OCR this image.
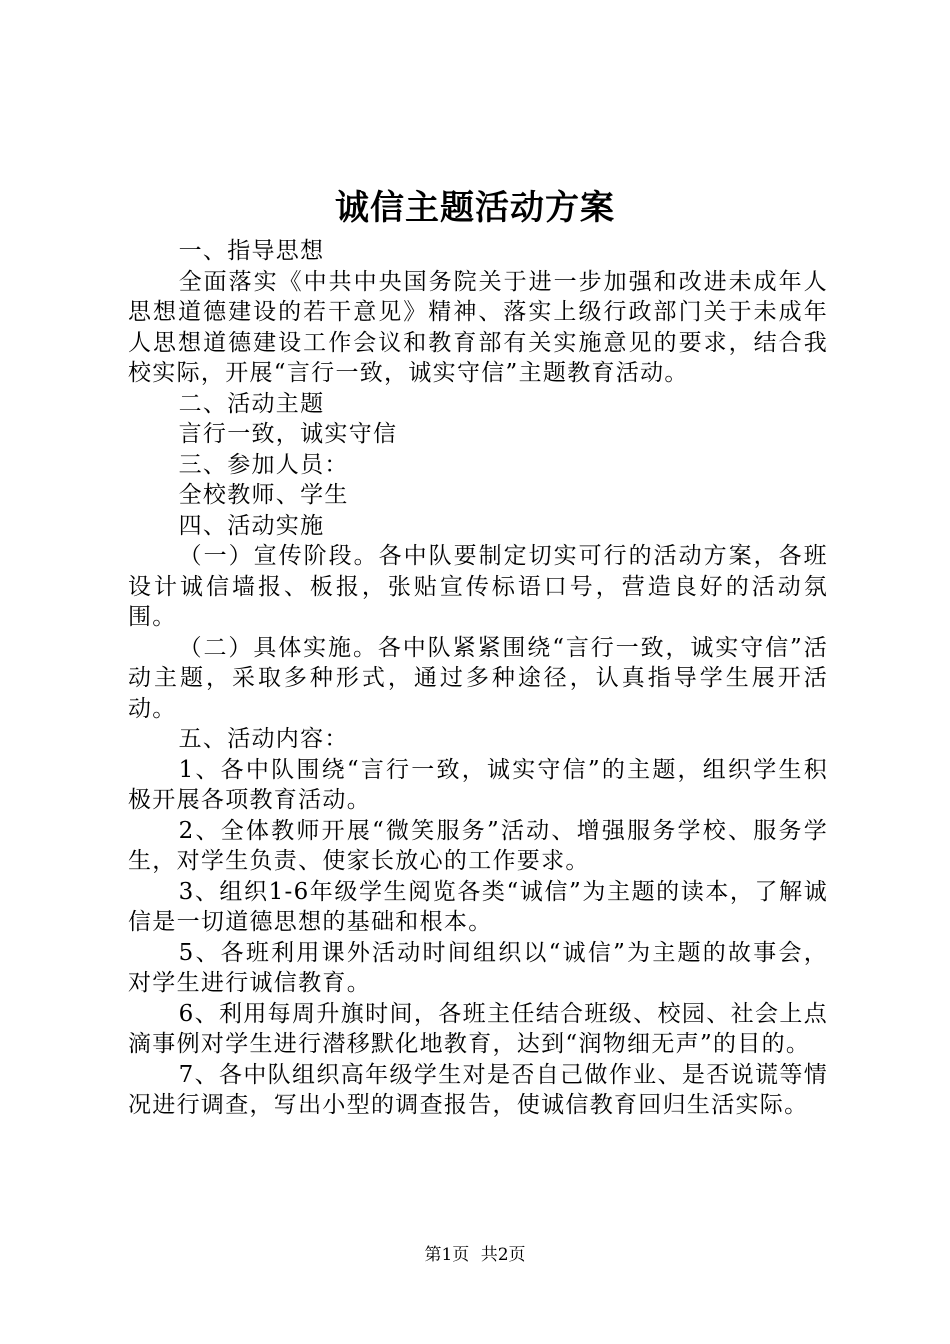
诚信主题活动方案

一、指导思想

全面落实《中共中央国务院关于进一步加强和改进未成年人思想道德建设的若干意见》精神、落实上级行政部门关于未成年人思想道德建设工作会议和教育部有关实施意见的要求，结合我校实际，开展“言行一致，诚实守信”主题教育活动。

二、活动主题

言行一致，诚实守信

三、参加人员：

全校教师、学生

四、活动实施

（一）宣传阶段。各中队要制定切实可行的活动方案，各班设计诚信墙报、板报，张贴宣传标语口号，营造良好的活动氛围。

（二）具体实施。各中队紧紧围绕“言行一致，诚实守信”活动主题，采取多种形式，通过多种途径，认真指导学生展开活动。

五、活动内容：

1、各中队围绕“言行一致，诚实守信”的主题，组织学生积极开展各项教育活动。

2、全体教师开展“微笑服务”活动、增强服务学校、服务学生，对学生负责、使家长放心的工作要求。

3、组织1-6年级学生阅览各类“诚信”为主题的读本，了解诚信是一切道德思想的基础和根本。

5、各班利用课外活动时间组织以“诚信”为主题的故事会，对学生进行诚信教育。

6、利用每周升旗时间，各班主任结合班级、校园、社会上点滴事例对学生进行潜移默化地教育，达到“润物细无声”的目的。

7、各中队组织高年级学生对是否自己做作业、是否说谎等情况进行调查，写出小型的调查报告，使诚信教育回归生活实际。

第1页 共2页
